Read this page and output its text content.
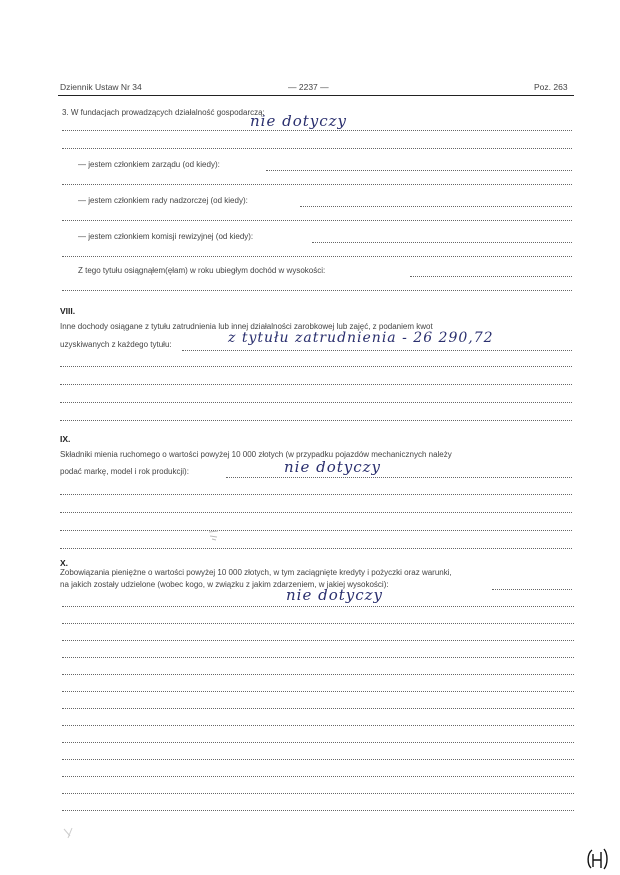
Dziennik Ustaw Nr 34	— 2237 —	Poz. 263
3. W fundacjach prowadzących działalność gospodarczą:
nie dotyczy
— jestem członkiem zarządu (od kiedy):
— jestem członkiem rady nadzorczej (od kiedy):
— jestem członkiem komisji rewizyjnej (od kiedy):
Z tego tytułu osiągnąłem(ęłam) w roku ubiegłym dochód w wysokości:
VIII.
Inne dochody osiągane z tytułu zatrudnienia lub innej działalności zarobkowej lub zajęć, z podaniem kwot
uzyskiwanych z każdego tytułu:	z tytułu zatrudnienia - 26 290,72
IX.
Składniki mienia ruchomego o wartości powyżej 10 000 złotych (w przypadku pojazdów mechanicznych należy
podać markę, model i rok produkcji):	nie dotyczy
X.
Zobowiązania pieniężne o wartości powyżej 10 000 złotych, w tym zaciągnięte kredyty i pożyczki oraz warunki,
na jakich zostały udzielone (wobec kogo, w związku z jakim zdarzeniem, w jakiej wysokości):
nie dotyczy
